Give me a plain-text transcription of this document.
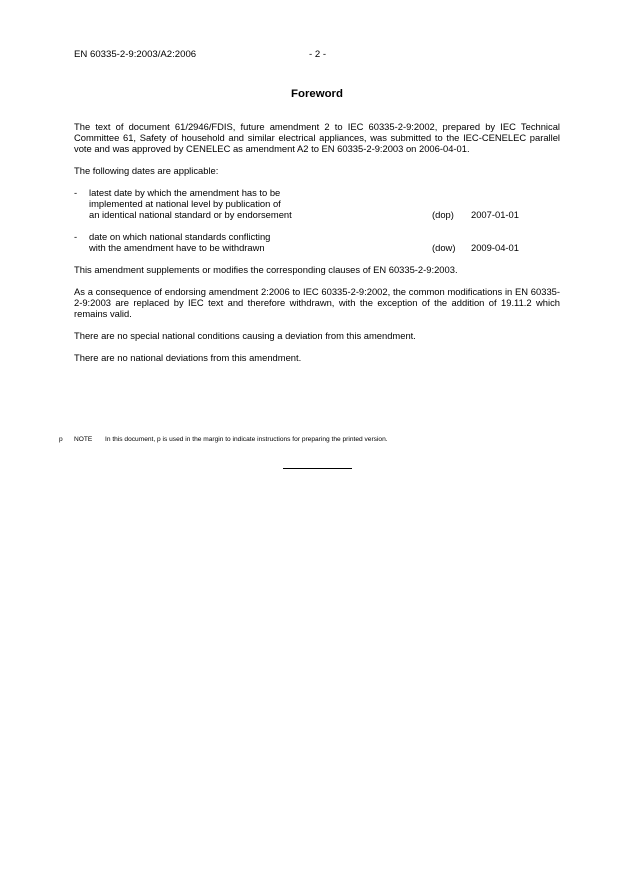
EN 60335-2-9:2003/A2:2006	- 2 -
Foreword

The text of document 61/2946/FDIS, future amendment 2 to IEC 60335-2-9:2002, prepared by IEC Technical Committee 61, Safety of household and similar electrical appliances, was submitted to the IEC-CENELEC parallel vote and was approved by CENELEC as amendment A2 to EN 60335-2-9:2003 on 2006-04-01.

The following dates are applicable:

- latest date by which the amendment has to be
implemented at national level by publication of
an identical national standard or by endorsement	(dop) 2007-01-01
- date on which national standards conflicting
with the amendment have to be withdrawn	(dow) 2009-04-01

This amendment supplements or modifies the corresponding clauses of EN 60335-2-9:2003.

As a consequence of endorsing amendment 2:2006 to IEC 60335-2-9:2002, the common modifications in EN 60335-2-9:2003 are replaced by IEC text and therefore withdrawn, with the exception of the addition of 19.11.2 which remains valid.

There are no special national conditions causing a deviation from this amendment.

There are no national deviations from this amendment.

p NOTE In this document, p is used in the margin to indicate instructions for preparing the printed version.
